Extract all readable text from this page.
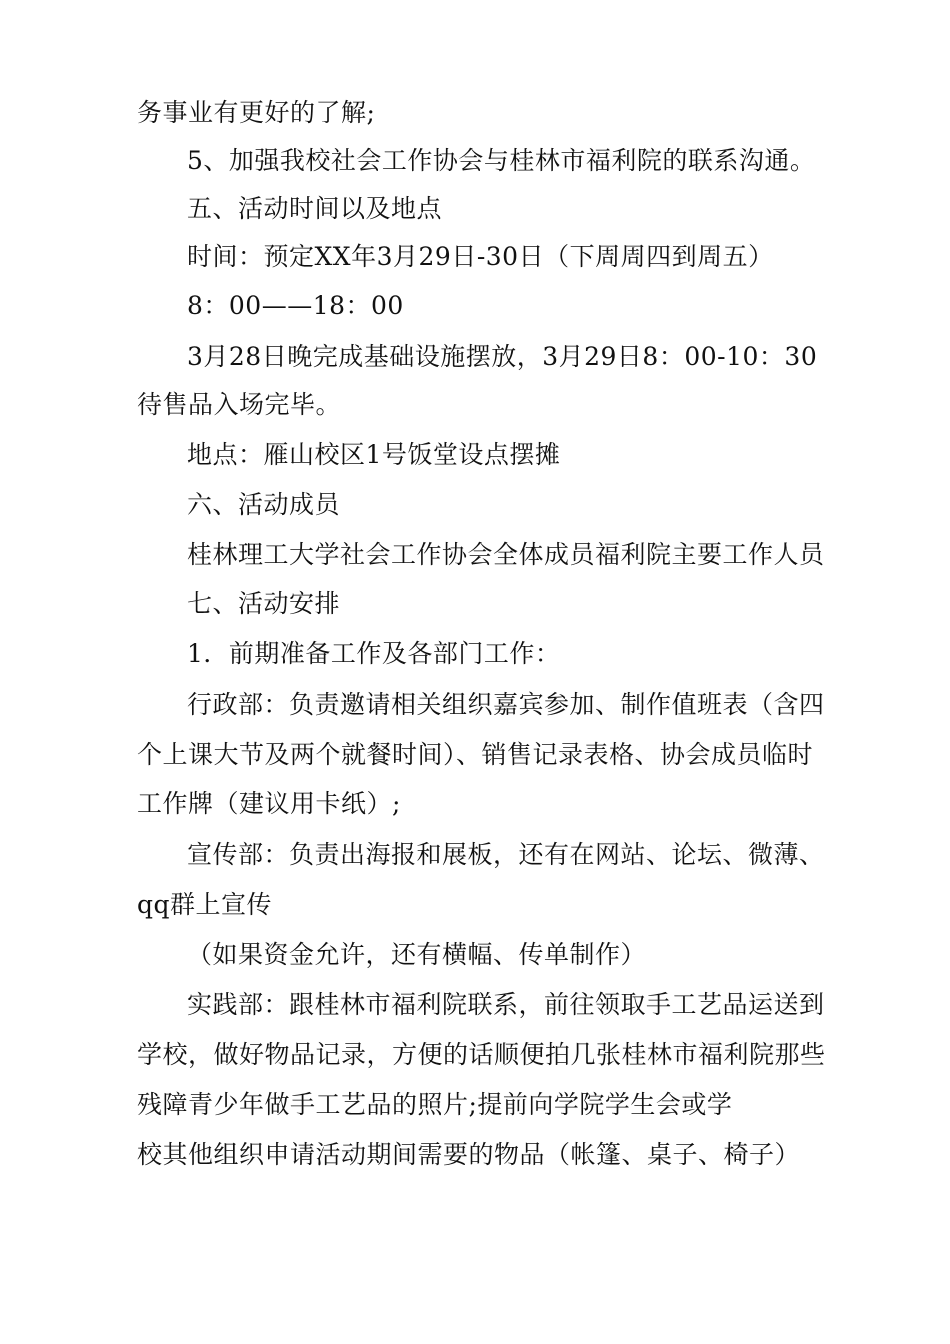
务事业有更好的了解;
5、加强我校社会工作协会与桂林市福利院的联系沟通。
五、活动时间以及地点
时间：预定XX年3月29日-30日（下周周四到周五）
8：00——18：00
3月28日晚完成基础设施摆放，3月29日8：00-10：30
待售品入场完毕。
地点：雁山校区1号饭堂设点摆摊
六、活动成员
桂林理工大学社会工作协会全体成员福利院主要工作人员
七、活动安排
1．前期准备工作及各部门工作：
行政部：负责邀请相关组织嘉宾参加、制作值班表（含四
个上课大节及两个就餐时间）、销售记录表格、协会成员临时
工作牌（建议用卡纸）;
宣传部：负责出海报和展板，还有在网站、论坛、微薄、
qq群上宣传
（如果资金允许，还有横幅、传单制作）
实践部：跟桂林市福利院联系，前往领取手工艺品运送到
学校，做好物品记录，方便的话顺便拍几张桂林市福利院那些
残障青少年做手工艺品的照片;提前向学院学生会或学
校其他组织申请活动期间需要的物品（帐篷、桌子、椅子）
